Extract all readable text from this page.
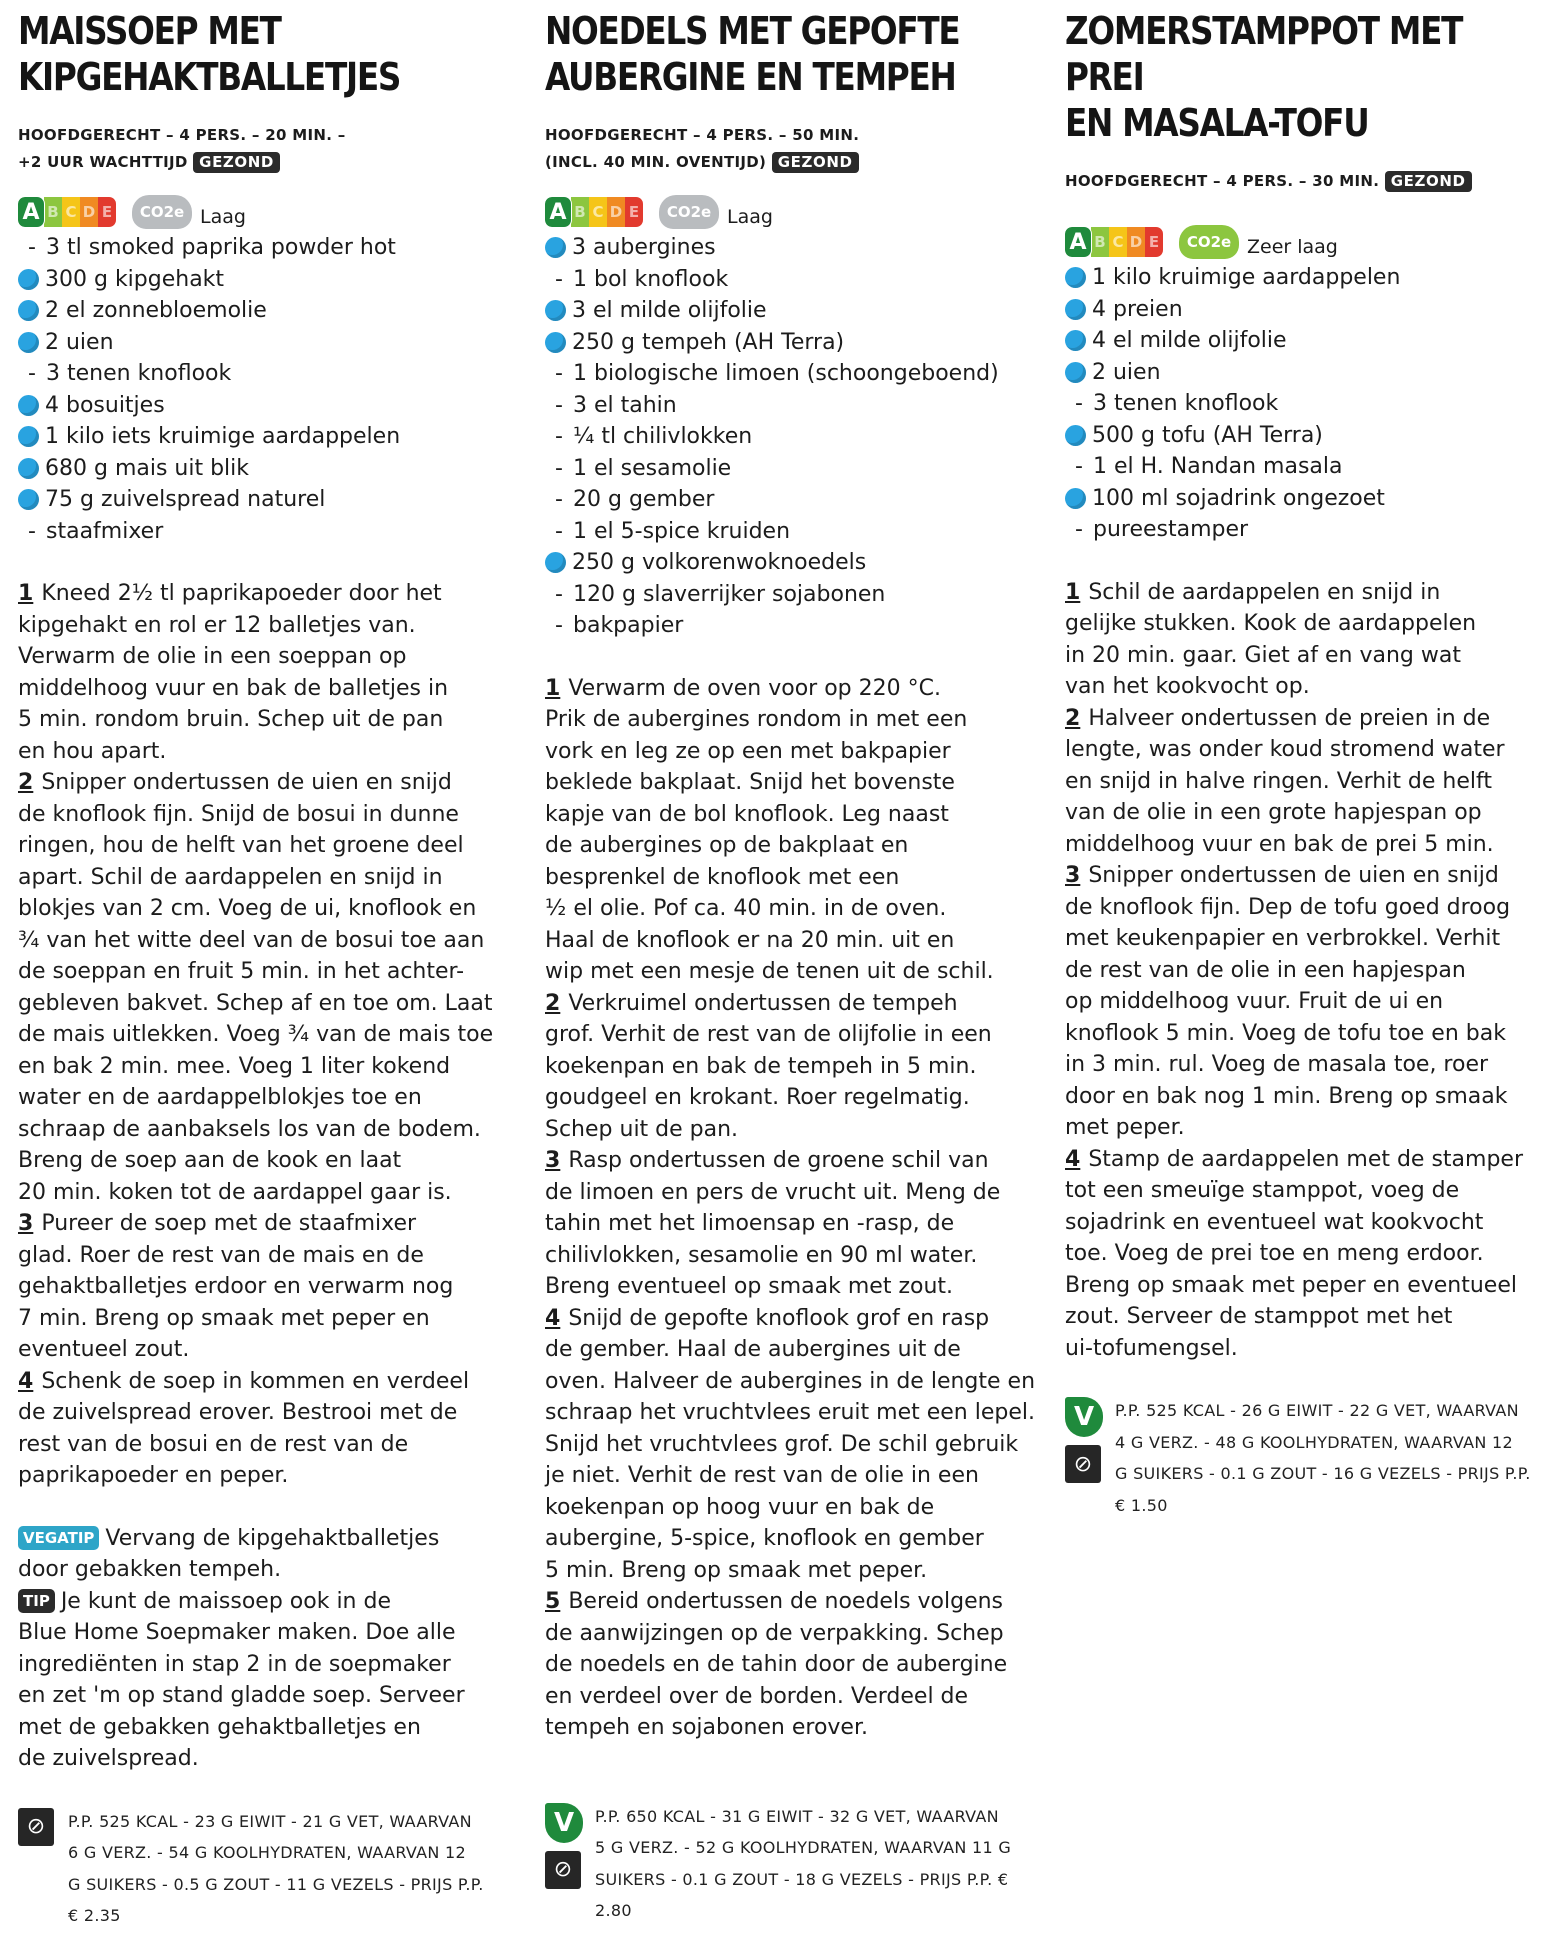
MAISSOEP MET
KIPGEHAKTBALLETJES
HOOFDGERECHT – 4 PERS. – 20 MIN. –
+2 UUR WACHTTIJD GEZOND
A B C D E	CO2e Laag
- 3 tl smoked paprika powder hot
300 g kipgehakt
2 el zonnebloemolie
2 uien
- 3 tenen knoflook
4 bosuitjes
1 kilo iets kruimige aardappelen
680 g mais uit blik
75 g zuivelspread naturel
- staafmixer

1 Kneed 2½ tl paprikapoeder door het

kipgehakt en rol er 12 balletjes van.

Verwarm de olie in een soeppan op

middelhoog vuur en bak de balletjes in

5 min. rondom bruin. Schep uit de pan

en hou apart.

2 Snipper ondertussen de uien en snijd

de knoflook fijn. Snijd de bosui in dunne

ringen, hou de helft van het groene deel

apart. Schil de aardappelen en snijd in

blokjes van 2 cm. Voeg de ui, knoflook en

¾ van het witte deel van de bosui toe aan

de soeppan en fruit 5 min. in het achter-

gebleven bakvet. Schep af en toe om. Laat

de mais uitlekken. Voeg ¾ van de mais toe

en bak 2 min. mee. Voeg 1 liter kokend

water en de aardappelblokjes toe en

schraap de aanbaksels los van de bodem.

Breng de soep aan de kook en laat

20 min. koken tot de aardappel gaar is.

3 Pureer de soep met de staafmixer

glad. Roer de rest van de mais en de

gehaktballetjes erdoor en verwarm nog

7 min. Breng op smaak met peper en

eventueel zout.

4 Schenk de soep in kommen en verdeel

de zuivelspread erover. Bestrooi met de

rest van de bosui en de rest van de

paprikapoeder en peper.

VEGATIP Vervang de kipgehaktballetjes

door gebakken tempeh.

TIP Je kunt de maissoep ook in de

Blue Home Soepmaker maken. Doe alle

ingrediënten in stap 2 in de soepmaker

en zet 'm op stand gladde soep. Serveer

met de gebakken gehaktballetjes en

de zuivelspread.

⊘	P.P. 525 KCAL - 23 G EIWIT - 21 G VET, WAARVAN
6 G VERZ. - 54 G KOOLHYDRATEN, WAARVAN 12
G SUIKERS - 0.5 G ZOUT - 11 G VEZELS - PRIJS P.P.
€ 2.35
NOEDELS MET GEPOFTE
AUBERGINE EN TEMPEH
HOOFDGERECHT – 4 PERS. – 50 MIN.
(INCL. 40 MIN. OVENTIJD) GEZOND
A B C D E	CO2e Laag
3 aubergines
- 1 bol knoflook
3 el milde olijfolie
250 g tempeh (AH Terra)
- 1 biologische limoen (schoongeboend)
- 3 el tahin
- ¼ tl chilivlokken
- 1 el sesamolie
- 20 g gember
- 1 el 5-spice kruiden
250 g volkorenwoknoedels
- 120 g slaverrijker sojabonen
- bakpapier

1 Verwarm de oven voor op 220 °C.

Prik de aubergines rondom in met een

vork en leg ze op een met bakpapier

beklede bakplaat. Snijd het bovenste

kapje van de bol knoflook. Leg naast

de aubergines op de bakplaat en

besprenkel de knoflook met een

½ el olie. Pof ca. 40 min. in de oven.

Haal de knoflook er na 20 min. uit en

wip met een mesje de tenen uit de schil.

2 Verkruimel ondertussen de tempeh

grof. Verhit de rest van de olijfolie in een

koekenpan en bak de tempeh in 5 min.

goudgeel en krokant. Roer regelmatig.

Schep uit de pan.

3 Rasp ondertussen de groene schil van

de limoen en pers de vrucht uit. Meng de

tahin met het limoensap en -rasp, de

chilivlokken, sesamolie en 90 ml water.

Breng eventueel op smaak met zout.

4 Snijd de gepofte knoflook grof en rasp

de gember. Haal de aubergines uit de

oven. Halveer de aubergines in de lengte en

schraap het vruchtvlees eruit met een lepel.

Snijd het vruchtvlees grof. De schil gebruik

je niet. Verhit de rest van de olie in een

koekenpan op hoog vuur en bak de

aubergine, 5-spice, knoflook en gember

5 min. Breng op smaak met peper.

5 Bereid ondertussen de noedels volgens

de aanwijzingen op de verpakking. Schep

de noedels en de tahin door de aubergine

en verdeel over de borden. Verdeel de

tempeh en sojabonen erover.

V
⊘
P.P. 650 KCAL - 31 G EIWIT - 32 G VET, WAARVAN
5 G VERZ. - 52 G KOOLHYDRATEN, WAARVAN 11 G
SUIKERS - 0.1 G ZOUT - 18 G VEZELS - PRIJS P.P. €
2.80
ZOMERSTAMPPOT MET PREI
EN MASALA-TOFU
HOOFDGERECHT – 4 PERS. – 30 MIN. GEZOND
A B C D E	CO2e Zeer laag
1 kilo kruimige aardappelen
4 preien
4 el milde olijfolie
2 uien
- 3 tenen knoflook
500 g tofu (AH Terra)
- 1 el H. Nandan masala
100 ml sojadrink ongezoet
- pureestamper

1 Schil de aardappelen en snijd in

gelijke stukken. Kook de aardappelen

in 20 min. gaar. Giet af en vang wat

van het kookvocht op.

2 Halveer ondertussen de preien in de

lengte, was onder koud stromend water

en snijd in halve ringen. Verhit de helft

van de olie in een grote hapjespan op

middelhoog vuur en bak de prei 5 min.

3 Snipper ondertussen de uien en snijd

de knoflook fijn. Dep de tofu goed droog

met keukenpapier en verbrokkel. Verhit

de rest van de olie in een hapjespan

op middelhoog vuur. Fruit de ui en

knoflook 5 min. Voeg de tofu toe en bak

in 3 min. rul. Voeg de masala toe, roer

door en bak nog 1 min. Breng op smaak

met peper.

4 Stamp de aardappelen met de stamper

tot een smeuïge stamppot, voeg de

sojadrink en eventueel wat kookvocht

toe. Voeg de prei toe en meng erdoor.

Breng op smaak met peper en eventueel

zout. Serveer de stamppot met het

ui-tofumengsel.

V
⊘
P.P. 525 KCAL - 26 G EIWIT - 22 G VET, WAARVAN
4 G VERZ. - 48 G KOOLHYDRATEN, WAARVAN 12
G SUIKERS - 0.1 G ZOUT - 16 G VEZELS - PRIJS P.P.
€ 1.50
